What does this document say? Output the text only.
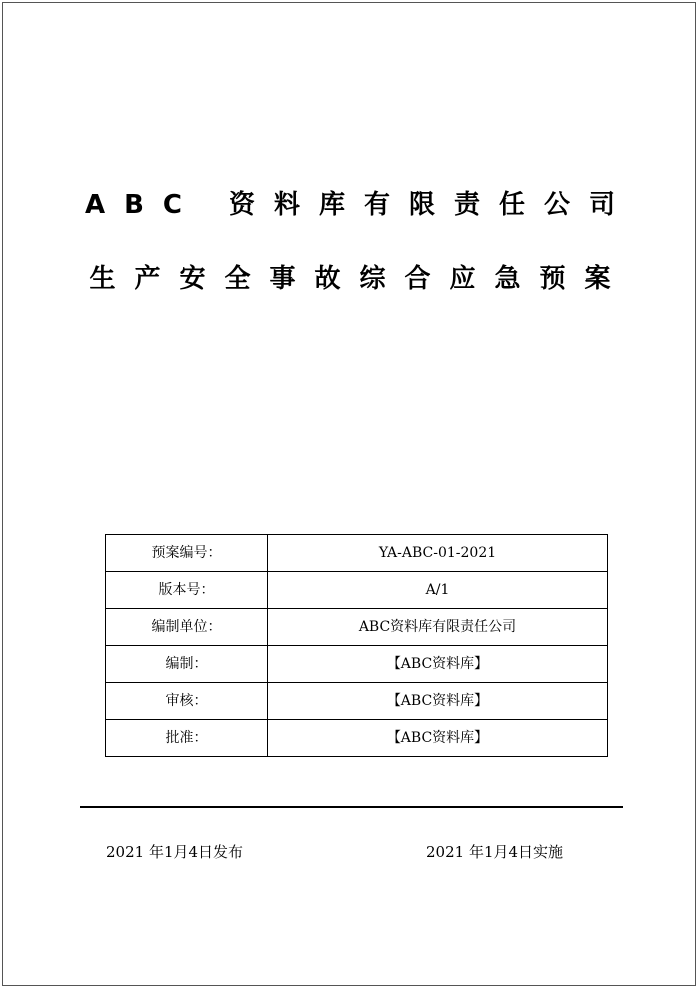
ABC 资料库有限责任公司
生产安全事故综合应急预案
预案编号：	YA-ABC-01-2021
版本号：	A/1
编制单位：	ABC资料库有限责任公司
编制：	【ABC资料库】
审核：	【ABC资料库】
批准：	【ABC资料库】
2021 年1月4日发布	2021 年1月4日实施
